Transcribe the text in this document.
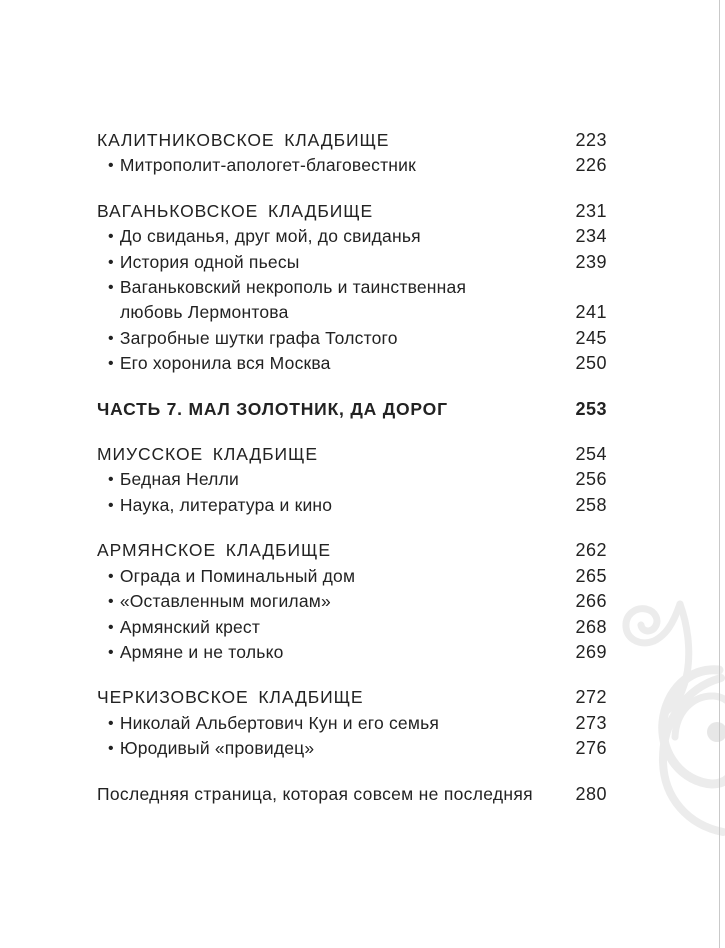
КАЛИТНИКОВСКОЕ КЛАДБИЩЕ	223
• Митрополит-апологет-благовестник	226
ВАГАНЬКОВСКОЕ КЛАДБИЩЕ	231
• До свиданья, друг мой, до свиданья	234
• История одной пьесы	239
• Ваганьковский некрополь и таинственная
любовь Лермонтова	241
• Загробные шутки графа Толстого	245
• Его хоронила вся Москва	250
ЧАСТЬ 7. МАЛ ЗОЛОТНИК, ДА ДОРОГ	253
МИУССКОЕ КЛАДБИЩЕ	254
• Бедная Нелли	256
• Наука, литература и кино	258
АРМЯНСКОЕ КЛАДБИЩЕ	262
• Ограда и Поминальный дом	265
• «Оставленным могилам»	266
• Армянский крест	268
• Армяне и не только	269
ЧЕРКИЗОВСКОЕ КЛАДБИЩЕ	272
• Николай Альбертович Кун и его семья	273
• Юродивый «провидец»	276
Последняя страница, которая совсем не последняя 280
